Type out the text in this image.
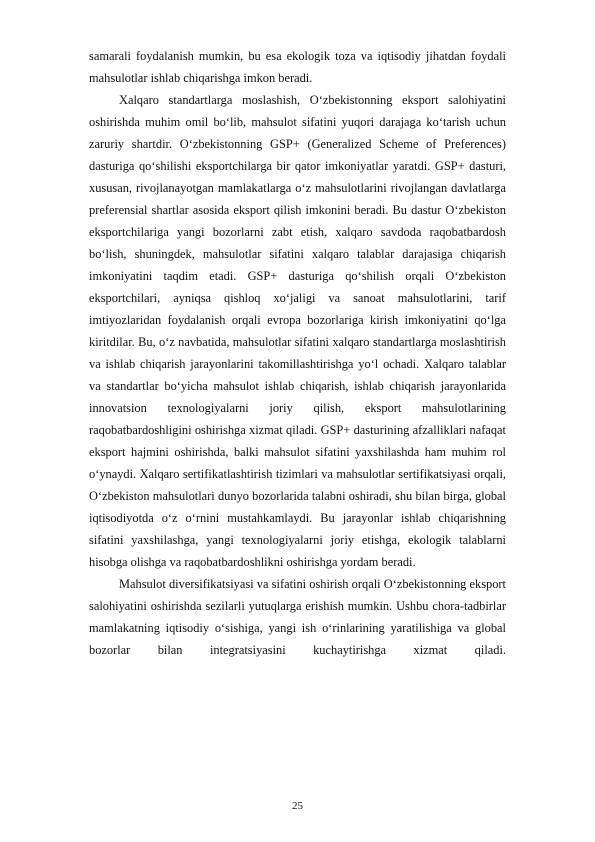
samarali foydalanish mumkin, bu esa ekologik toza va iqtisodiy jihatdan foydali mahsulotlar ishlab chiqarishga imkon beradi.

Xalqaro standartlarga moslashish, O‘zbekistonning eksport salohiyatini oshirishda muhim omil bo‘lib, mahsulot sifatini yuqori darajaga ko‘tarish uchun zaruriy shartdir. O‘zbekistonning GSP+ (Generalized Scheme of Preferences) dasturiga qo‘shilishi eksportchilarga bir qator imkoniyatlar yaratdi. GSP+ dasturi, xususan, rivojlanayotgan mamlakatlarga o‘z mahsulotlarini rivojlangan davlatlarga preferensial shartlar asosida eksport qilish imkonini beradi. Bu dastur O‘zbekiston eksportchilariga yangi bozorlarni zabt etish, xalqaro savdoda raqobatbardosh bo‘lish, shuningdek, mahsulotlar sifatini xalqaro talablar darajasiga chiqarish imkoniyatini taqdim etadi. GSP+ dasturiga qo‘shilish orqali O‘zbekiston eksportchilari, ayniqsa qishloq xo‘jaligi va sanoat mahsulotlarini, tarif imtiyozlaridan foydalanish orqali evropa bozorlariga kirish imkoniyatini qo‘lga kiritdilar. Bu, o‘z navbatida, mahsulotlar sifatini xalqaro standartlarga moslashtirish va ishlab chiqarish jarayonlarini takomillashtirishga yo‘l ochadi. Xalqaro talablar va standartlar bo‘yicha mahsulot ishlab chiqarish, ishlab chiqarish jarayonlarida innovatsion texnologiyalarni joriy qilish, eksport mahsulotlarining raqobatbardoshligini oshirishga xizmat qiladi. GSP+ dasturining afzalliklari nafaqat eksport hajmini oshirishda, balki mahsulot sifatini yaxshilashda ham muhim rol o‘ynaydi. Xalqaro sertifikatlashtirish tizimlari va mahsulotlar sertifikatsiyasi orqali, O‘zbekiston mahsulotlari dunyo bozorlarida talabni oshiradi, shu bilan birga, global iqtisodiyotda o‘z o‘rnini mustahkamlaydi. Bu jarayonlar ishlab chiqarishning sifatini yaxshilashga, yangi texnologiyalarni joriy etishga, ekologik talablarni hisobga olishga va raqobatbardoshlikni oshirishga yordam beradi.

Mahsulot diversifikatsiyasi va sifatini oshirish orqali O‘zbekistonning eksport salohiyatini oshirishda sezilarli yutuqlarga erishish mumkin. Ushbu chora-tadbirlar mamlakatning iqtisodiy o‘sishiga, yangi ish o‘rinlarining yaratilishiga va global bozorlar bilan integratsiyasini kuchaytirishga xizmat qiladi.

25
